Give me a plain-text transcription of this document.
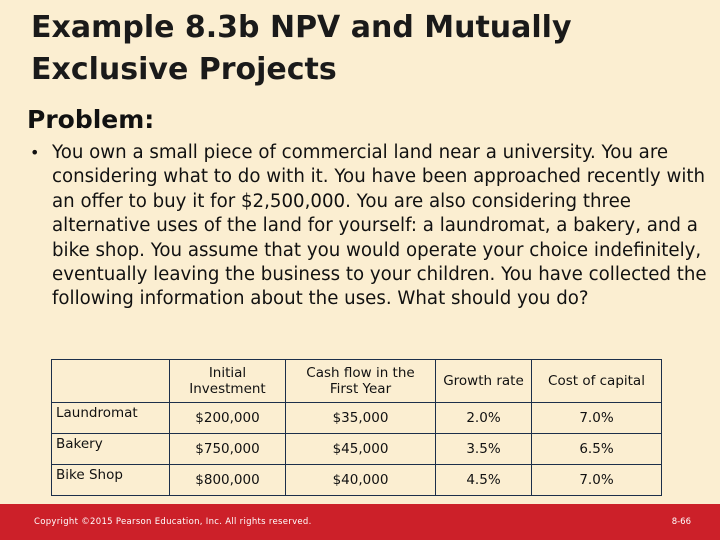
Example 8.3b NPV and Mutually
Exclusive Projects
Problem:
• You own a small piece of commercial land near a university. You are considering what to do with it. You have been approached recently with an offer to buy it for $2,500,000. You are also considering three alternative uses of the land for yourself: a laundromat, a bakery, and a bike shop. You assume that you would operate your choice indefinitely, eventually leaving the business to your children. You have collected the following information about the uses. What should you do?
	Initial Investment	Cash flow in the First Year	Growth rate	Cost of capital
Laundromat	$200,000	$35,000	2.0%	7.0%
Bakery	$750,000	$45,000	3.5%	6.5%
Bike Shop	$800,000	$40,000	4.5%	7.0%
Copyright ©2015 Pearson Education, Inc. All rights reserved.	8-66
